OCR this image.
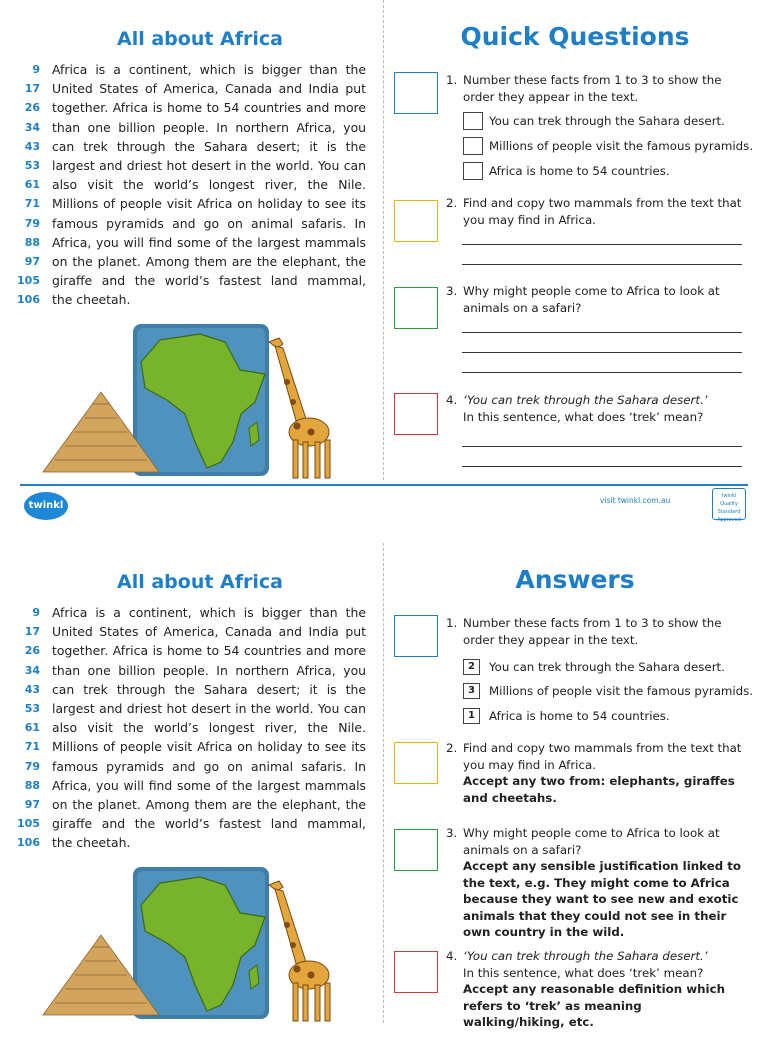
All about Africa	Quick Questions
9 Africa is a continent, which is bigger than the
17 United States of America, Canada and India put
26 together. Africa is home to 54 countries and more
34 than one billion people. In northern Africa, you
43 can trek through the Sahara desert; it is the
53 largest and driest hot desert in the world. You can
61 also visit the world’s longest river, the Nile.
71 Millions of people visit Africa on holiday to see its
79 famous pyramids and go on animal safaris. In
88 Africa, you will find some of the largest mammals
97 on the planet. Among them are the elephant, the
105 giraffe and the world’s fastest land mammal,
106 the cheetah.
1. Number these facts from 1 to 3 to show the order they appear in the text.
You can trek through the Sahara desert.
Millions of people visit the famous pyramids.
Africa is home to 54 countries.
2. Find and copy two mammals from the text that you may find in Africa.
3. Why might people come to Africa to look at animals on a safari?
4. ‘You can trek through the Sahara desert.’
In this sentence, what does ‘trek’ mean?
twinkl	visit twinkl.com.au	twinkl Quality Standard Approved
All about Africa	Answers
9 Africa is a continent, which is bigger than the
17 United States of America, Canada and India put
26 together. Africa is home to 54 countries and more
34 than one billion people. In northern Africa, you
43 can trek through the Sahara desert; it is the
53 largest and driest hot desert in the world. You can
61 also visit the world’s longest river, the Nile.
71 Millions of people visit Africa on holiday to see its
79 famous pyramids and go on animal safaris. In
88 Africa, you will find some of the largest mammals
97 on the planet. Among them are the elephant, the
105 giraffe and the world’s fastest land mammal,
106 the cheetah.
1. Number these facts from 1 to 3 to show the order they appear in the text.
2	You can trek through the Sahara desert.
3	Millions of people visit the famous pyramids.
1	Africa is home to 54 countries.
2. Find and copy two mammals from the text that you may find in Africa.
Accept any two from: elephants, giraffes and cheetahs.
3. Why might people come to Africa to look at animals on a safari?
Accept any sensible justification linked to the text, e.g. They might come to Africa because they want to see new and exotic animals that they could not see in their own country in the wild.
4. ‘You can trek through the Sahara desert.’
In this sentence, what does ‘trek’ mean?
Accept any reasonable definition which refers to ‘trek’ as meaning walking/hiking, etc.
